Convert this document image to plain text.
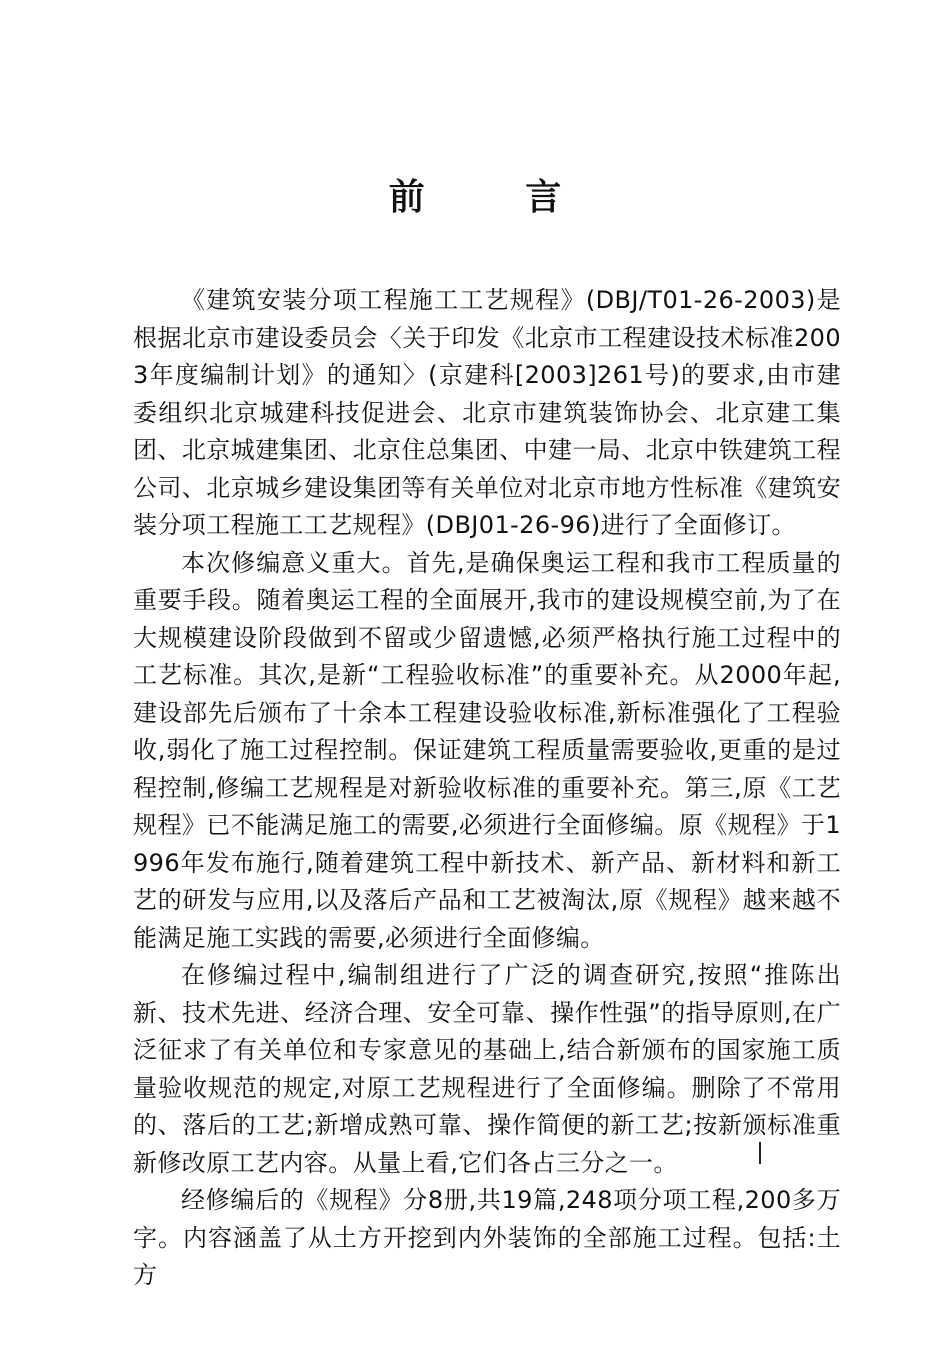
前 言

《建筑安装分项工程施工工艺规程》(DBJ/T01-26-2003)是根据北京市建设委员会〈关于印发《北京市工程建设技术标准2003年度编制计划》的通知〉(京建科[2003]261号)的要求,由市建委组织北京城建科技促进会、北京市建筑装饰协会、北京建工集团、北京城建集团、北京住总集团、中建一局、北京中铁建筑工程公司、北京城乡建设集团等有关单位对北京市地方性标准《建筑安装分项工程施工工艺规程》(DBJ01-26-96)进行了全面修订。

本次修编意义重大。首先,是确保奥运工程和我市工程质量的重要手段。随着奥运工程的全面展开,我市的建设规模空前,为了在大规模建设阶段做到不留或少留遗憾,必须严格执行施工过程中的工艺标准。其次,是新“工程验收标准”的重要补充。从2000年起,建设部先后颁布了十余本工程建设验收标准,新标准强化了工程验收,弱化了施工过程控制。保证建筑工程质量需要验收,更重的是过程控制,修编工艺规程是对新验收标准的重要补充。第三,原《工艺规程》已不能满足施工的需要,必须进行全面修编。原《规程》于1996年发布施行,随着建筑工程中新技术、新产品、新材料和新工艺的研发与应用,以及落后产品和工艺被淘汰,原《规程》越来越不能满足施工实践的需要,必须进行全面修编。

在修编过程中,编制组进行了广泛的调查研究,按照“推陈出新、技术先进、经济合理、安全可靠、操作性强”的指导原则,在广泛征求了有关单位和专家意见的基础上,结合新颁布的国家施工质量验收规范的规定,对原工艺规程进行了全面修编。删除了不常用的、落后的工艺;新增成熟可靠、操作简便的新工艺;按新颁标准重新修改原工艺内容。从量上看,它们各占三分之一。

经修编后的《规程》分8册,共19篇,248项分项工程,200多万字。内容涵盖了从土方开挖到内外装饰的全部施工过程。包括:土方
